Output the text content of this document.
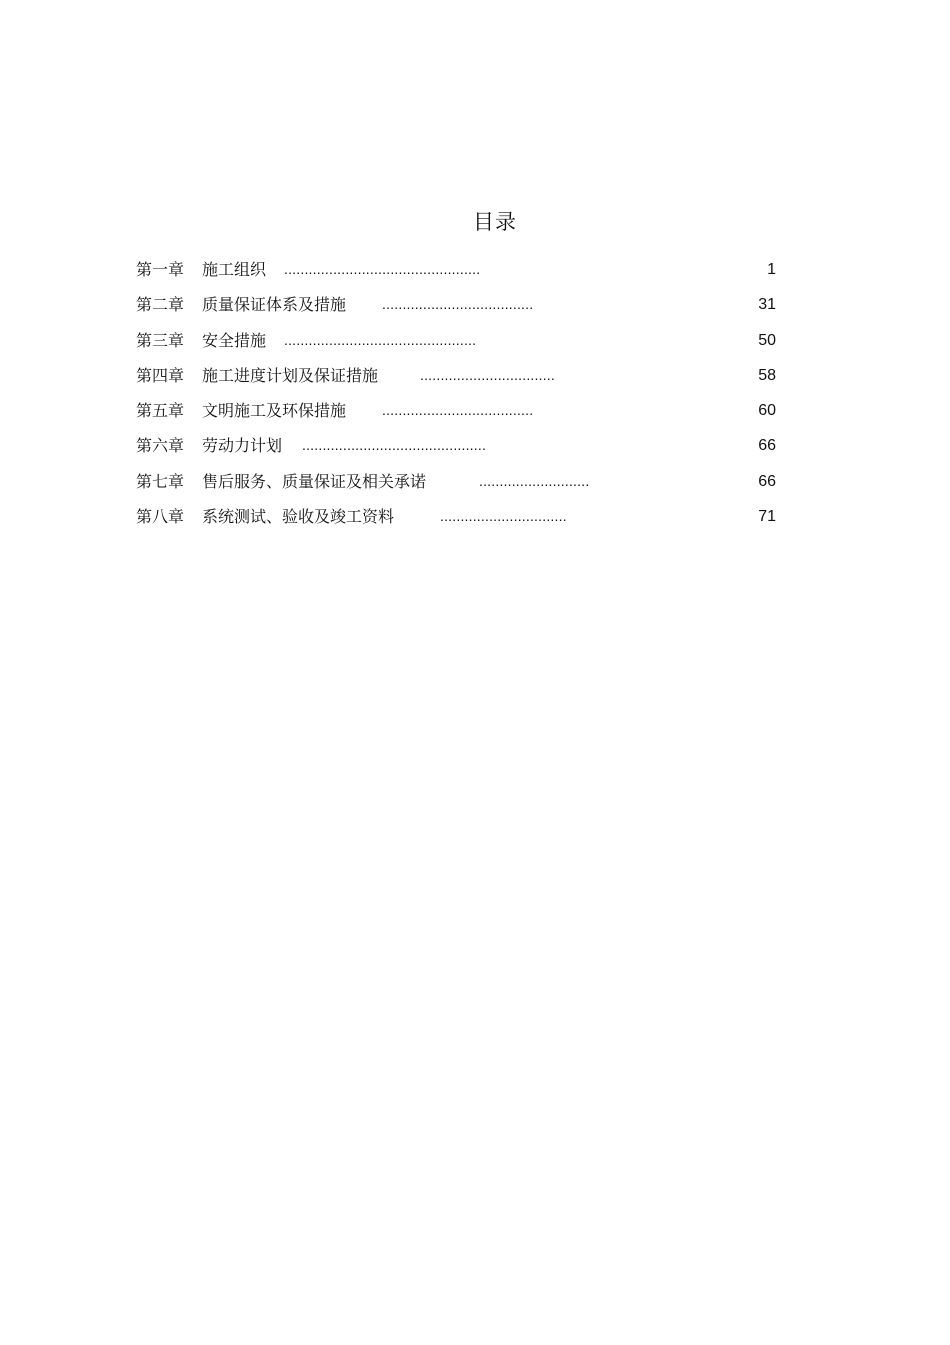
目录
第一章 施工组织 ................................................	1
第二章 质量保证体系及措施	.....................................	31
第三章 安全措施 ...............................................	50
第四章 施工进度计划及保证措施	.................................	58
第五章 文明施工及环保措施	.....................................	60
第六章 劳动力计划 .............................................	66
第七章 售后服务、质量保证及相关承诺	...........................	66
第八章 系统测试、验收及竣工资料	...............................	71
